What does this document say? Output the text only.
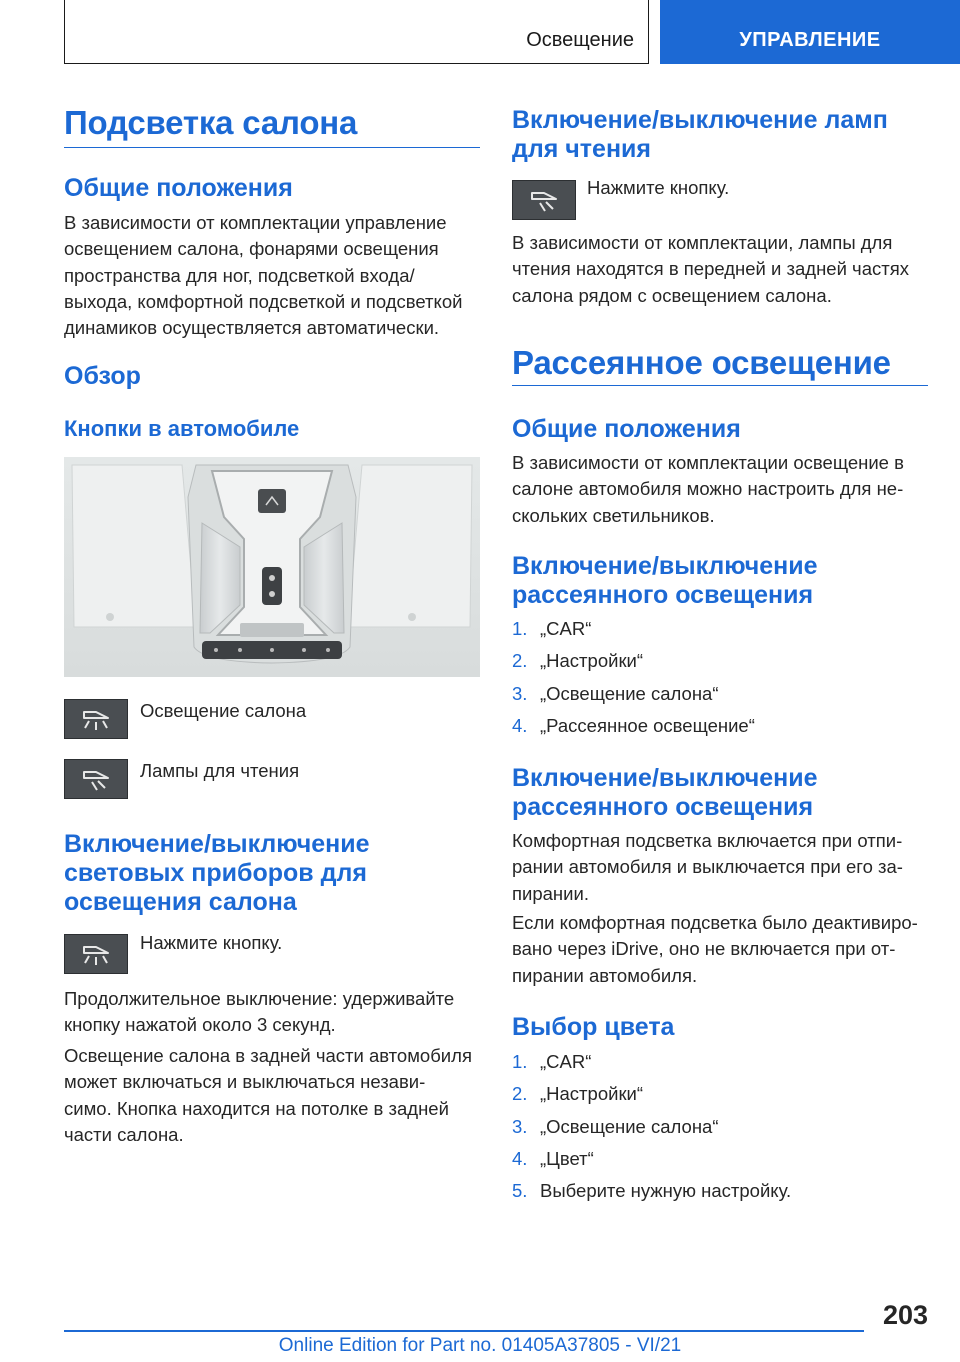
Освещение	УПРАВЛЕНИЕ
Подсветка салона
Общие положения
В зависимости от комплектации управление
освещением салона, фонарями освещения
пространства для ног, подсветкой входа/
выхода, комфортной подсветкой и подсветкой
динамиков осуществляется автоматически.
Обзор
Кнопки в автомобиле
Освещение салона
Лампы для чтения
Включение/выключение
световых приборов для
освещения салона
Нажмите кнопку.
Продолжительное выключение: удерживайте
кнопку нажатой около 3 секунд.
Освещение салона в задней части автомобиля
может включаться и выключаться незави-
симо. Кнопка находится на потолке в задней
части салона.
Включение/выключение ламп
для чтения
Нажмите кнопку.
В зависимости от комплектации, лампы для
чтения находятся в передней и задней частях
салона рядом с освещением салона.
Рассеянное освещение
Общие положения
В зависимости от комплектации освещение в
салоне автомобиля можно настроить для не-
скольких светильников.
Включение/выключение
рассеянного освещения
1. „CAR“
2. „Настройки“
3. „Освещение салона“
4. „Рассеянное освещение“
Включение/выключение
рассеянного освещения
Комфортная подсветка включается при отпи-
рании автомобиля и выключается при его за-
пирании.
Если комфортная подсветка было деактивиро-
вано через iDrive, оно не включается при от-
пирании автомобиля.
Выбор цвета
1. „CAR“
2. „Настройки“
3. „Освещение салона“
4. „Цвет“
5. Выберите нужную настройку.
203
Online Edition for Part no. 01405A37805 - VI/21
